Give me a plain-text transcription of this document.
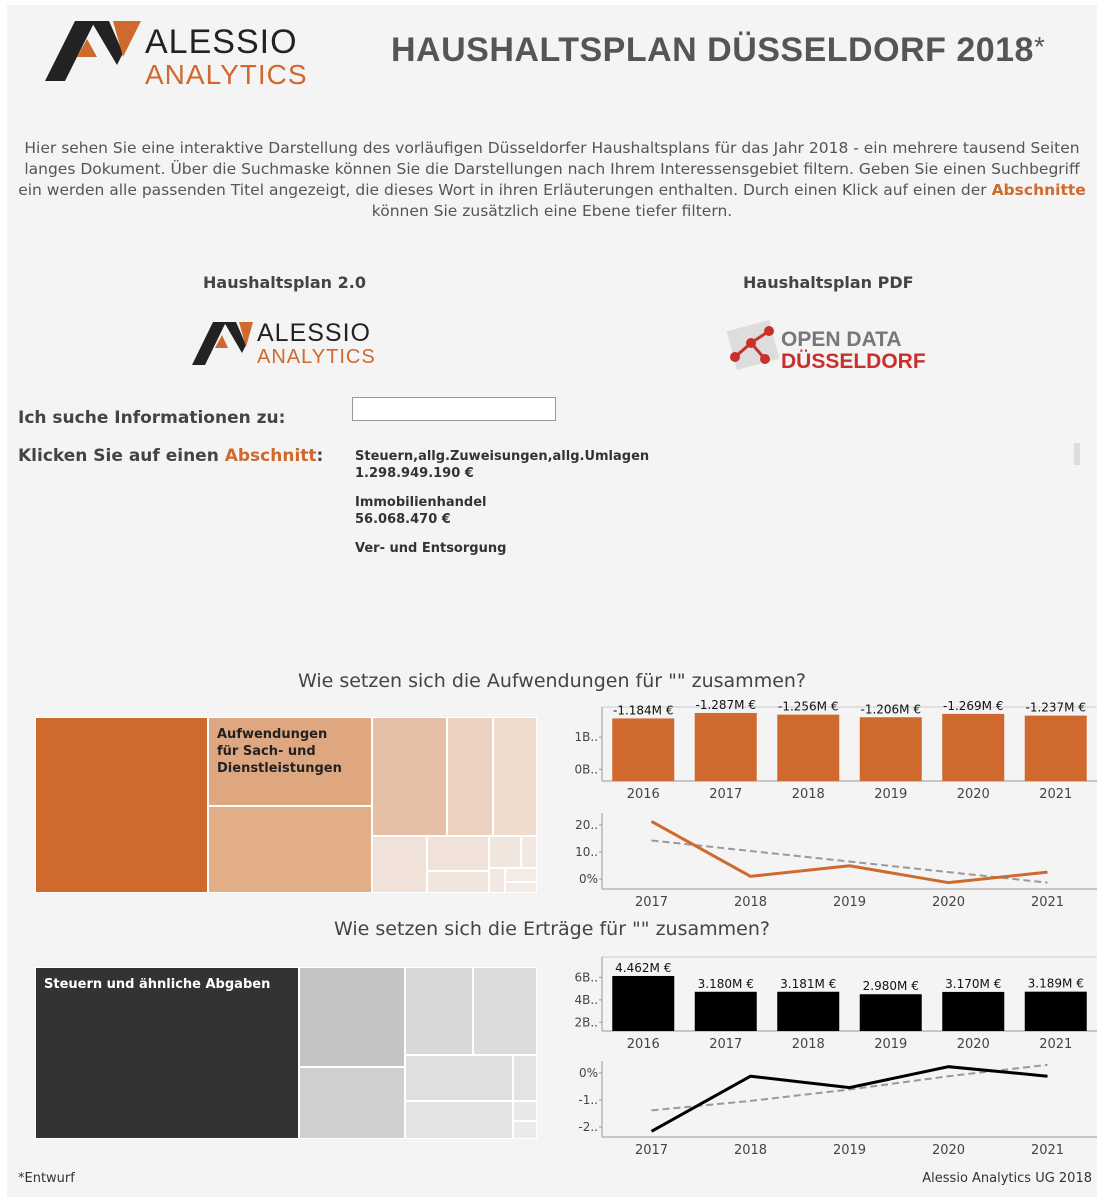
ALESSIO
ANALYTICS
HAUSHALTSPLAN DÜSSELDORF 2018*
Hier sehen Sie eine interaktive Darstellung des vorläufigen Düsseldorfer Haushaltsplans für das Jahr 2018 - ein mehrere tausend Seiten langes Dokument. Über die Suchmaske können Sie die Darstellungen nach Ihrem Interessensgebiet filtern. Geben Sie einen Suchbegriff ein werden alle passenden Titel angezeigt, die dieses Wort in ihren Erläuterungen enthalten. Durch einen Klick auf einen der Abschnitte können Sie zusätzlich eine Ebene tiefer filtern.
Haushaltsplan 2.0	Haushaltsplan PDF
ALESSIO
ANALYTICS
OPEN DATA
DÜSSELDORF
Ich suche Informationen zu:
Klicken Sie auf einen Abschnitt: Steuern,allg.Zuweisungen,allg.Umlagen
1.298.949.190 €
Immobilienhandel
56.068.470 €
Ver- und Entsorgung
Wie setzen sich die Aufwendungen für "" zusammen?
Aufwendungen für Sach- und Dienstleistungen
1B..
0B..
-1.184M €
2016
-1.287M €
2017
-1.256M €
2018
-1.206M €
2019
-1.269M €
2020
-1.237M €
2021
20..
10..
0%
2017	2018	2019	2020	2021
Wie setzen sich die Erträge für "" zusammen?
Steuern und ähnliche Abgaben	6B..
4B..
2B..
4.462M €
2016
3.180M €
2017
3.181M €
2018
2.980M €
2019
3.170M €
2020
3.189M €
2021
0%
-1..
-2..
2017	2018	2019	2020	2021
*Entwurf	Alessio Analytics UG 2018
